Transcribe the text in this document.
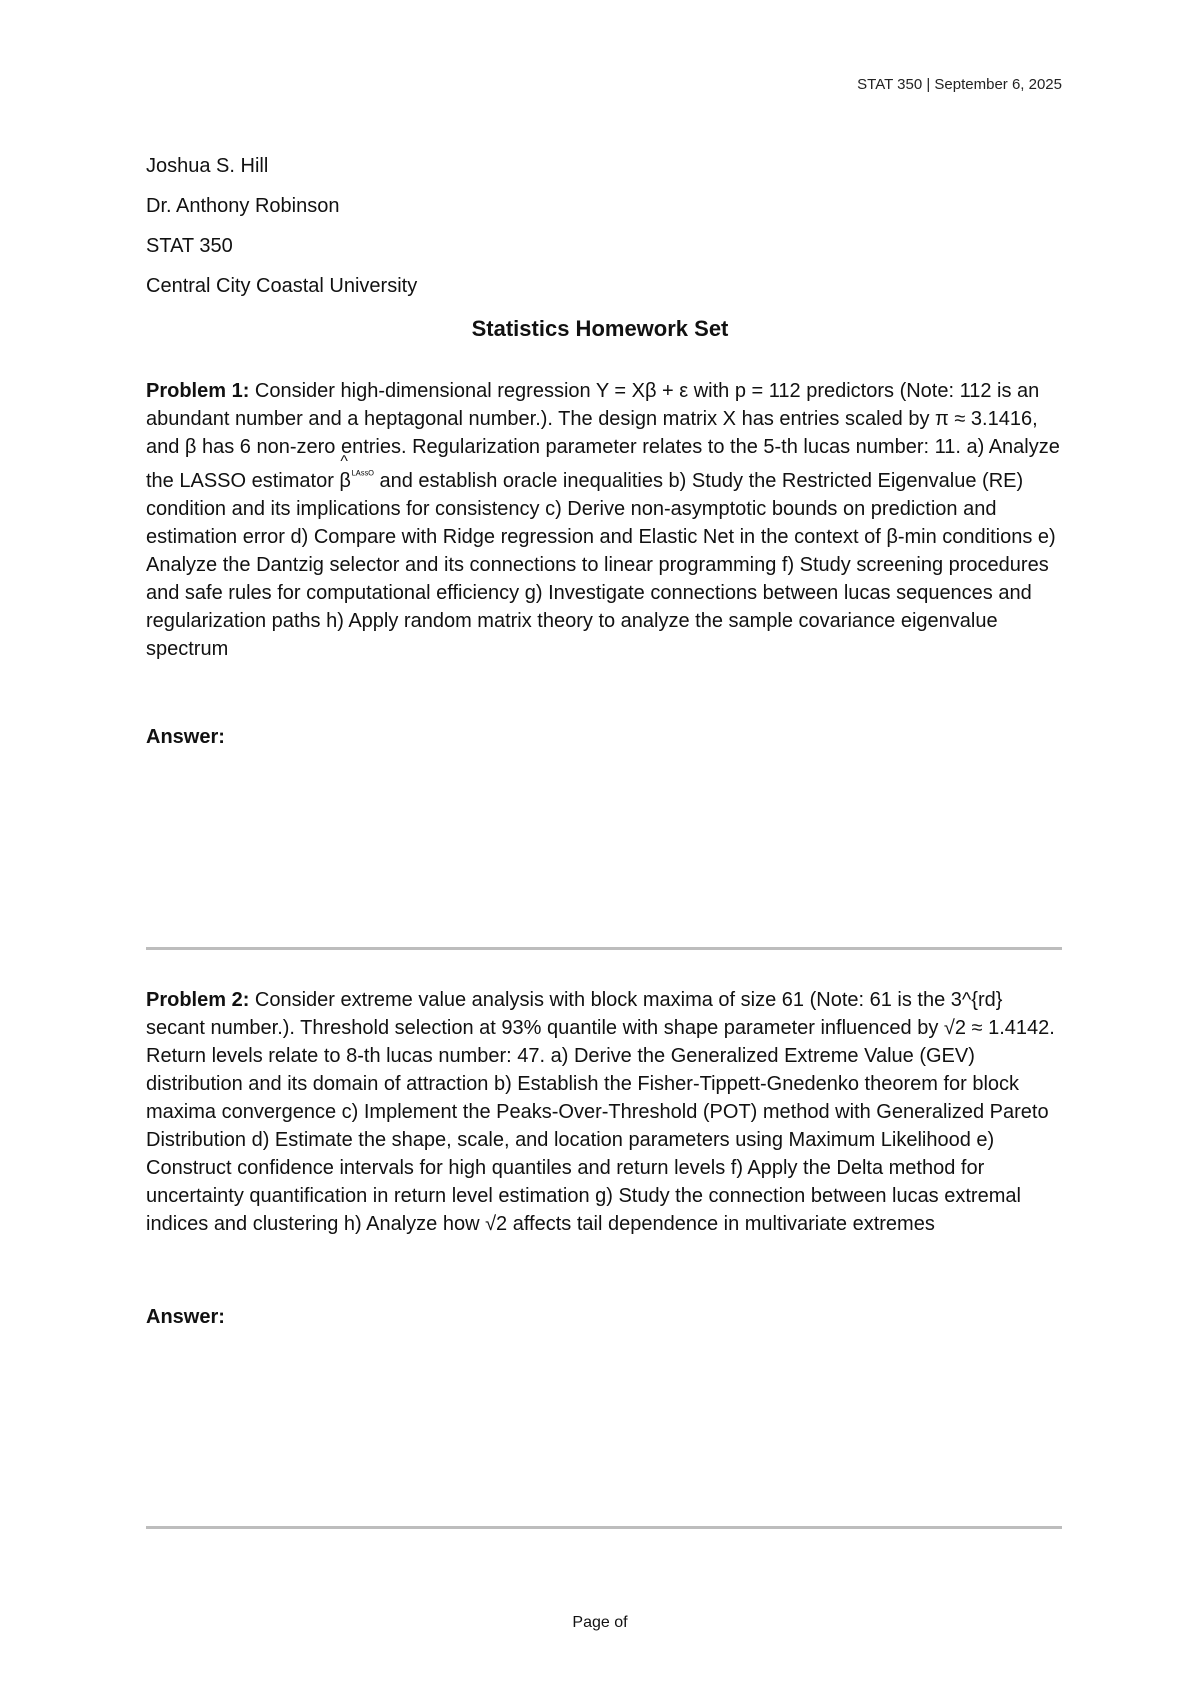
STAT 350 | September 6, 2025
Joshua S. Hill
Dr. Anthony Robinson
STAT 350
Central City Coastal University
Statistics Homework Set
Problem 1: Consider high-dimensional regression Y = Xβ + ε with p = 112 predictors (Note: 112 is an abundant number and a heptagonal number.). The design matrix X has entries scaled by π ≈ 3.1416, and β has 6 non-zero entries. Regularization parameter relates to the 5-th lucas number: 11. a) Analyze the LASSO estimator
^
$\beta^{ᴸᴬˢˢᴼ}$ and establish oracle inequalities b) Study the Restricted Eigenvalue (RE) condition and its implications for consistency c) Derive non-asymptotic bounds on prediction and estimation error d) Compare with Ridge regression and Elastic Net in the context of β-min conditions e) Analyze the Dantzig selector and its connections to linear programming f) Study screening procedures and safe rules for computational efficiency g) Investigate connections between lucas sequences and regularization paths h) Apply random matrix theory to analyze the sample covariance eigenvalue spectrum
Answer:
Problem 2: Consider extreme value analysis with block maxima of size 61 (Note: 61 is the 3^{rd} secant number.). Threshold selection at 93% quantile with shape parameter influenced by √2 ≈ 1.4142. Return levels relate to 8-th lucas number: 47. a) Derive the Generalized Extreme Value (GEV) distribution and its domain of attraction b) Establish the Fisher-Tippett-Gnedenko theorem for block maxima convergence c) Implement the Peaks-Over-Threshold (POT) method with Generalized Pareto Distribution d) Estimate the shape, scale, and location parameters using Maximum Likelihood e) Construct confidence intervals for high quantiles and return levels f) Apply the Delta method for uncertainty quantification in return level estimation g) Study the connection between lucas extremal indices and clustering h) Analyze how √2 affects tail dependence in multivariate extremes
Answer:
Page of
